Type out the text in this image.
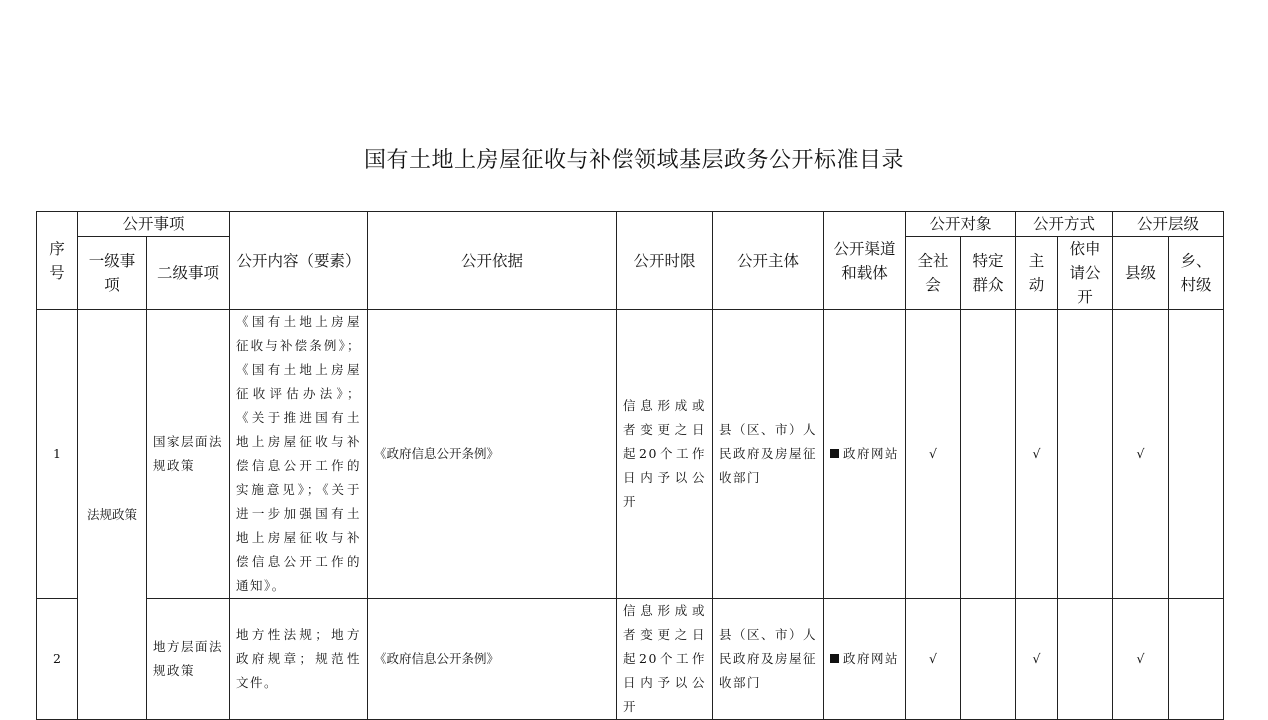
国有土地上房屋征收与补偿领域基层政务公开标准目录
序号	公开事项		公开内容（要素）	公开依据	公开时限	公开主体	公开渠道和载体	公开对象		公开方式		公开层级	
	一级事项	二级事项						全社会	特定群众	主动	依申请公开	县级	乡、村级
1	法规政策	国家层面法规政策	《国有土地上房屋征收与补偿条例》；《国有土地上房屋征收评估办法》；《关于推进国有土地上房屋征收与补偿信息公开工作的实施意见》；《关于进一步加强国有土地上房屋征收与补偿信息公开工作的通知》。	《政府信息公开条例》	信息形成或者变更之日起20个工作日内予以公开	县（区、市）人民政府及房屋征收部门	政府网站	√		√		√	
2		地方层面法规政策	地方性法规；地方政府规章；规范性文件。	《政府信息公开条例》	信息形成或者变更之日起20个工作日内予以公开	县（区、市）人民政府及房屋征收部门	政府网站	√		√		√	
